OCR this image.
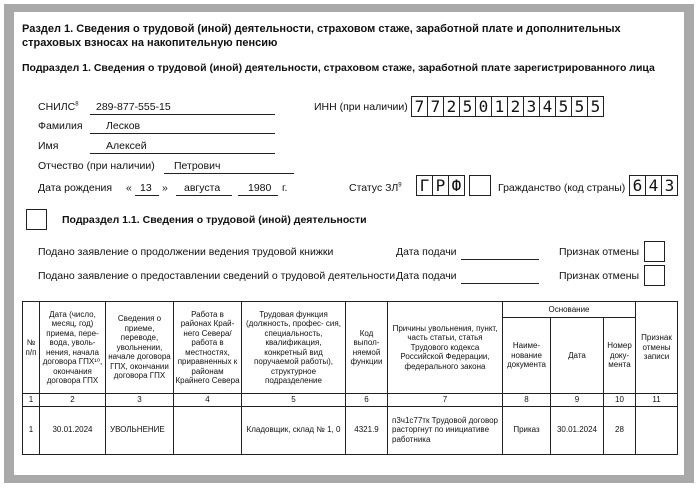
Раздел 1. Сведения о трудовой (иной) деятельности, страховом стаже, заработной плате и дополнительных страховых взносах на накопительную пенсию
Подраздел 1. Сведения о трудовой (иной) деятельности, страховом стаже, заработной плате зарегистрированного лица
СНИЛС$^8$ 289-877-555-15	ИНН (при наличии) 7 7 2 5 0 1 2 3 4 5 5 5
Фамилия Лесков
Имя	Алексей
Отчество (при наличии) Петрович
Дата рождения « 13 » августа	1980 г.	Статус $ЗЛ^9$ Г Р Ф	Гражданство (код страны) 6 4 3
Подраздел 1.1. Сведения о трудовой (иной) деятельности
Подано заявление о продолжении ведения трудовой книжки	Дата подачи	Признак отмены
Подано заявление о предоставлении сведений о трудовой деятельности Дата подачи	Признак отмены
№ п/п	Дата (число, месяц, год) приема, пере- вода, уволь- нения, начала договора ГПХ¹⁰, окончания договора ГПХ	Сведения о приеме, переводе, увольнении, начале договора ГПХ, окончании договора ГПХ	Работа в районах Край- него Севера/ работа в местностях, приравненных к районам Крайнего Севера	Трудовая функция (должность, профес- сия, специальность, квалификация, конкретный вид поручаемой работы), структурное подразделение	Код выпол- няемой функции	Причины увольнения, пункт, часть статьи, статья Трудового кодекса Российской Федерации, федерального закона	Основание			Признак отмены записи
							Наиме- нование документа	Дата	Номер доку- мента	
1	2	3	4	5	6	7	8	9	10	11
1	30.01.2024	УВОЛЬНЕНИЕ		Кладовщик, склад № 1, 0	4321.9	п3ч1с77тк Трудовой договор расторгнут по инициативе работника	Приказ	30.01.2024	28	
